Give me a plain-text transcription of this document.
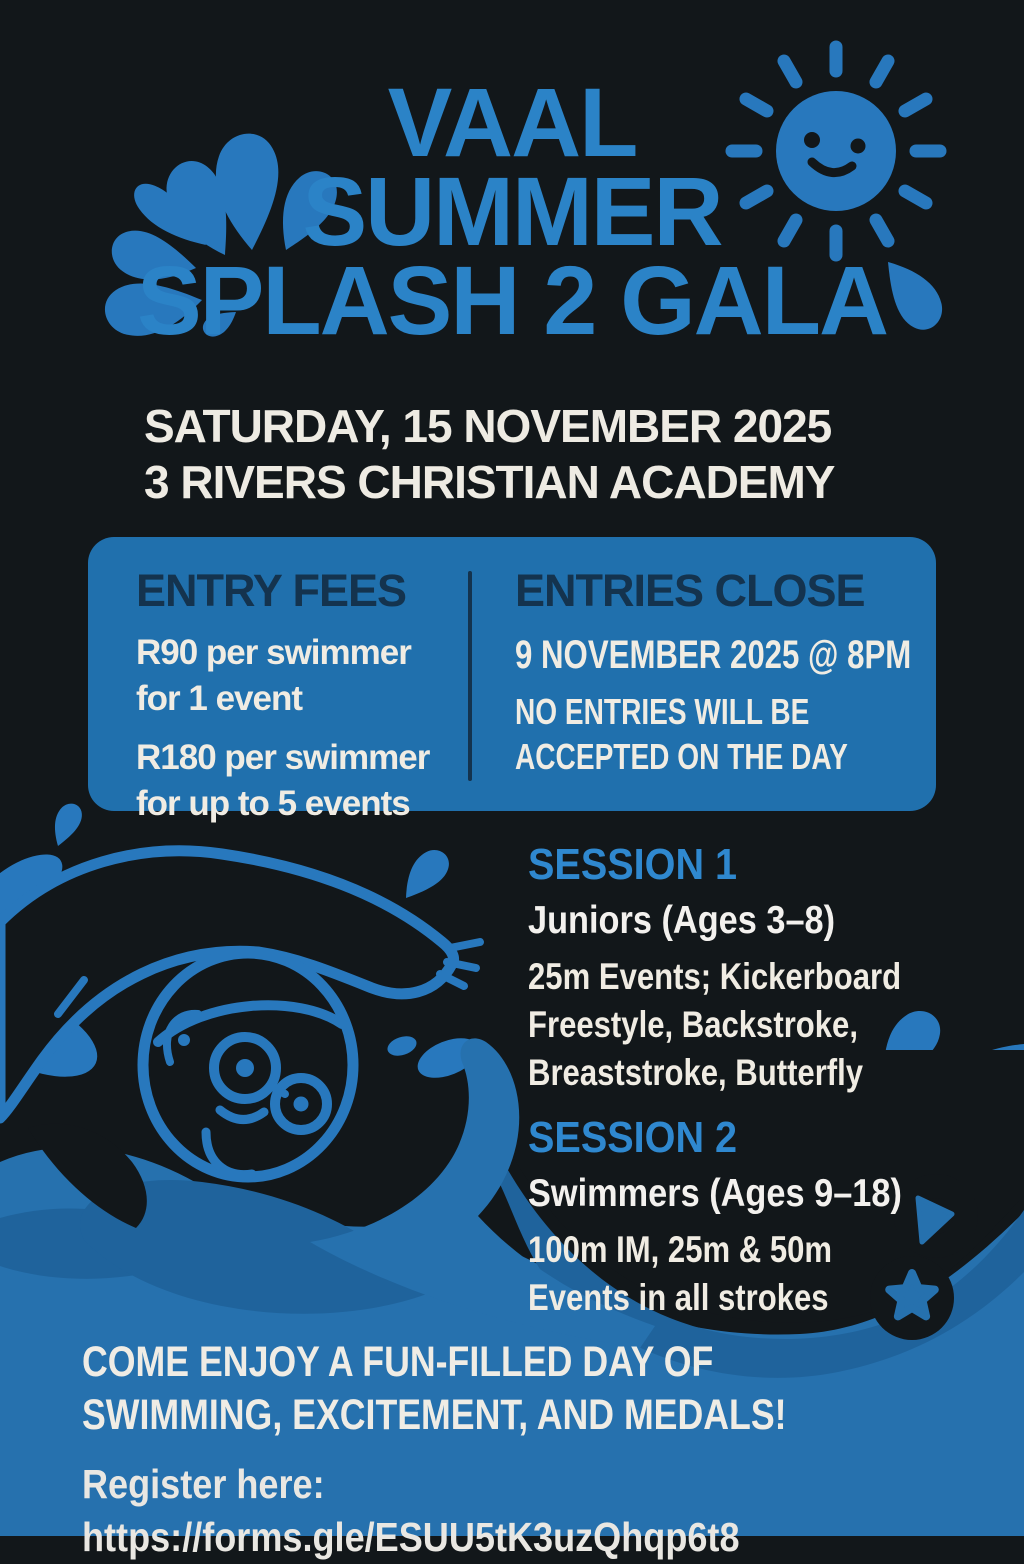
VAAL
SUMMER
SPLASH 2 GALA
SATURDAY, 15 NOVEMBER 2025
3 RIVERS CHRISTIAN ACADEMY
ENTRY FEES
R90 per swimmer
for 1 event
R180 per swimmer
for up to 5 events
ENTRIES CLOSE
9 NOVEMBER 2025 @ 8PM
NO ENTRIES WILL BE
ACCEPTED ON THE DAY
SESSION 1
Juniors (Ages 3–8)
25m Events; Kickerboard
Freestyle, Backstroke,
Breaststroke, Butterfly
SESSION 2
Swimmers (Ages 9–18)
100m IM, 25m & 50m
Events in all strokes
COME ENJOY A FUN-FILLED DAY OF
SWIMMING, EXCITEMENT, AND MEDALS!
Register here:
https://forms.gle/ESUU5tK3uzQhqp6t8
